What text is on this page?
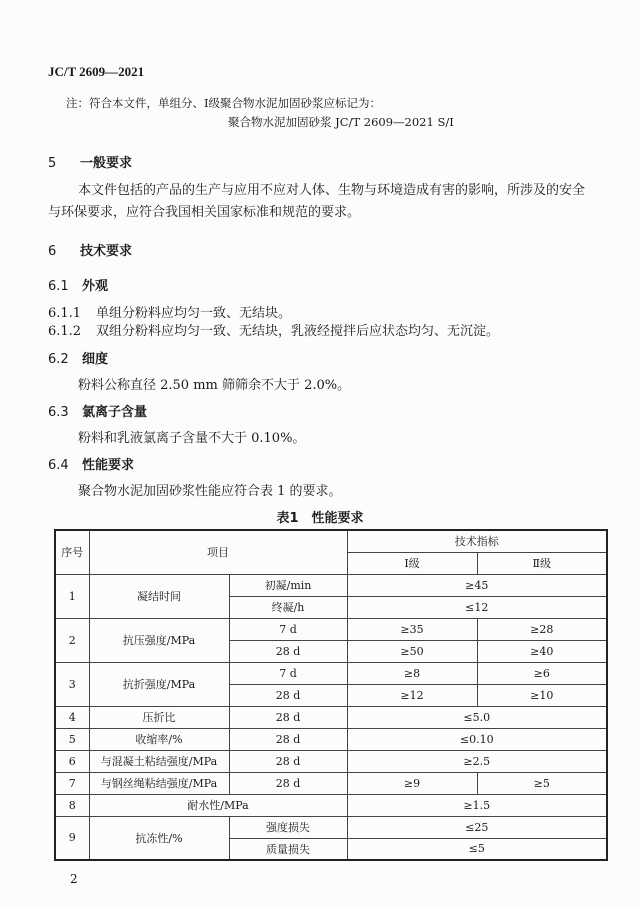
JC/T 2609—2021
注：符合本文件，单组分、Ⅰ级聚合物水泥加固砂浆应标记为：
聚合物水泥加固砂浆 JC/T 2609—2021 S/Ⅰ
5 一般要求
本文件包括的产品的生产与应用不应对人体、生物与环境造成有害的影响，所涉及的安全与环保要求，应符合我国相关国家标准和规范的要求。
6 技术要求
6.1 外观
6.1.1 单组分粉料应均匀一致、无结块。
6.1.2 双组分粉料应均匀一致、无结块，乳液经搅拌后应状态均匀、无沉淀。
6.2 细度
粉料公称直径 2.50 mm 筛筛余不大于 2.0%。
6.3 氯离子含量
粉料和乳液氯离子含量不大于 0.10%。
6.4 性能要求
聚合物水泥加固砂浆性能应符合表 1 的要求。
表1　性能要求
序号	项目		技术指标	
			Ⅰ级	Ⅱ级
1	凝结时间	初凝/min	≥45	
		终凝/h	≤12	
2	抗压强度/MPa	7 d	≥35	≥28
		28 d	≥50	≥40
3	抗折强度/MPa	7 d	≥8	≥6
		28 d	≥12	≥10
4	压折比	28 d	≤5.0	
5	收缩率/%	28 d	≤0.10	
6	与混凝土粘结强度/MPa	28 d	≥2.5	
7	与钢丝绳粘结强度/MPa	28 d	≥9	≥5
8	耐水性/MPa		≥1.5	
9	抗冻性/%	强度损失	≤25	
		质量损失	≤5	
2
